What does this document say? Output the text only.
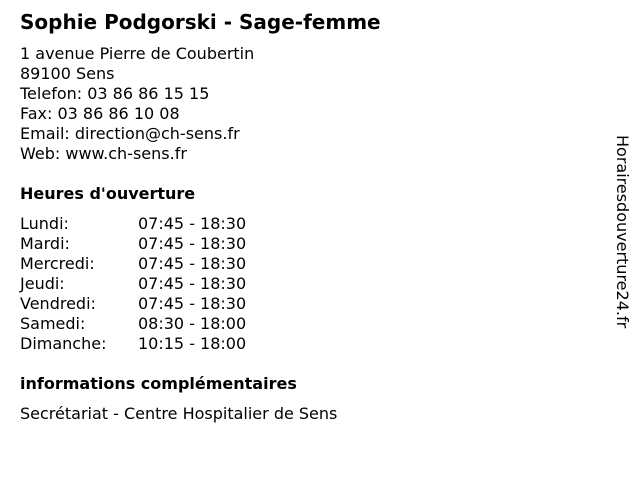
Sophie Podgorski - Sage-femme
1 avenue Pierre de Coubertin
89100 Sens
Telefon: 03 86 86 15 15
Fax: 03 86 86 10 08
Email: direction@ch-sens.fr
Web: www.ch-sens.fr
Heures d'ouverture
Lundi:	07:45 - 18:30
Mardi:	07:45 - 18:30
Mercredi:	07:45 - 18:30
Jeudi:	07:45 - 18:30
Vendredi:	07:45 - 18:30
Samedi:	08:30 - 18:00
Dimanche:	10:15 - 18:00
informations complémentaires
Secrétariat - Centre Hospitalier de Sens
Horairesdouverture24.fr
